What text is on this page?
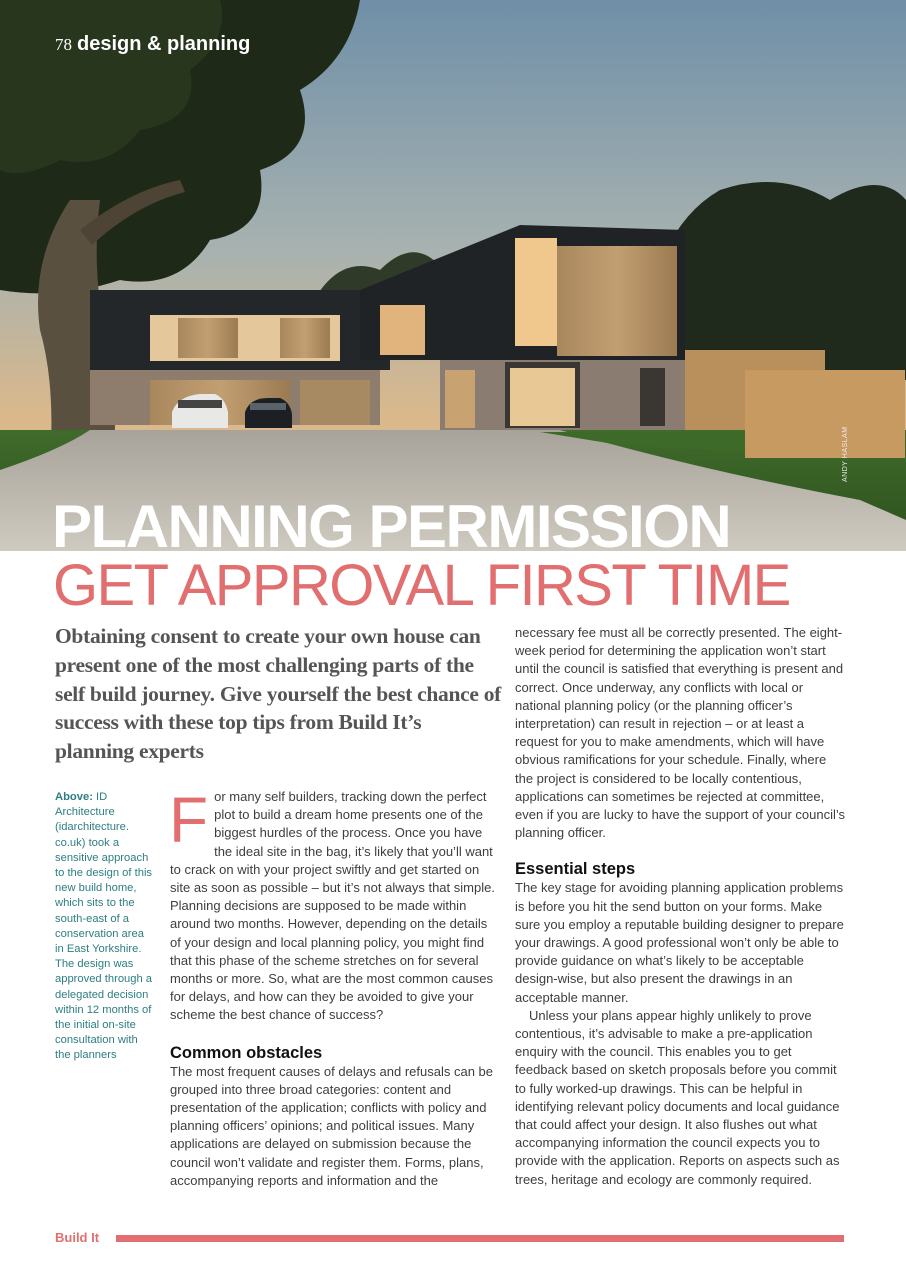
78 design & planning
ANDY HASLAM
PLANNING PERMISSION
GET APPROVAL FIRST TIME
Obtaining consent to create your own house can present one of the most challenging parts of the self build journey. Give yourself the best chance of success with these top tips from Build It’s planning experts
Above: ID Architecture (idarchitecture. co.uk) took a sensitive approach to the design of this new build home, which sits to the south-east of a conservation area in East Yorkshire. The design was approved through a delegated decision within 12 months of the initial on-site consultation with the planners

For many self builders, tracking down the perfect plot to build a dream home presents one of the biggest hurdles of the process. Once you have the ideal site in the bag, it’s likely that you’ll want to crack on with your project swiftly and get started on site as soon as possible – but it’s not always that simple. Planning decisions are supposed to be made within around two months. However, depending on the details of your design and local planning policy, you might find that this phase of the scheme stretches on for several months or more. So, what are the most common causes for delays, and how can they be avoided to give your scheme the best chance of success?

Common obstacles

The most frequent causes of delays and refusals can be grouped into three broad categories: content and presentation of the application; conflicts with policy and planning officers’ opinions; and political issues. Many applications are delayed on submission because the council won’t validate and register them. Forms, plans, accompanying reports and information and the

necessary fee must all be correctly presented. The eight-week period for determining the application won’t start until the council is satisfied that everything is present and correct. Once underway, any conflicts with local or national planning policy (or the planning officer’s interpretation) can result in rejection – or at least a request for you to make amendments, which will have obvious ramifications for your schedule. Finally, where the project is considered to be locally contentious, applications can sometimes be rejected at committee, even if you are lucky to have the support of your council’s planning officer.

Essential steps

The key stage for avoiding planning application problems is before you hit the send button on your forms. Make sure you employ a reputable building designer to prepare your drawings. A good professional won’t only be able to provide guidance on what’s likely to be acceptable design-wise, but also present the drawings in an acceptable manner.

Unless your plans appear highly unlikely to prove contentious, it’s advisable to make a pre-application enquiry with the council. This enables you to get feedback based on sketch proposals before you commit to fully worked-up drawings. This can be helpful in identifying relevant policy documents and local guidance that could affect your design. It also flushes out what accompanying information the council expects you to provide with the application. Reports on aspects such as trees, heritage and ecology are commonly required.

Build It
